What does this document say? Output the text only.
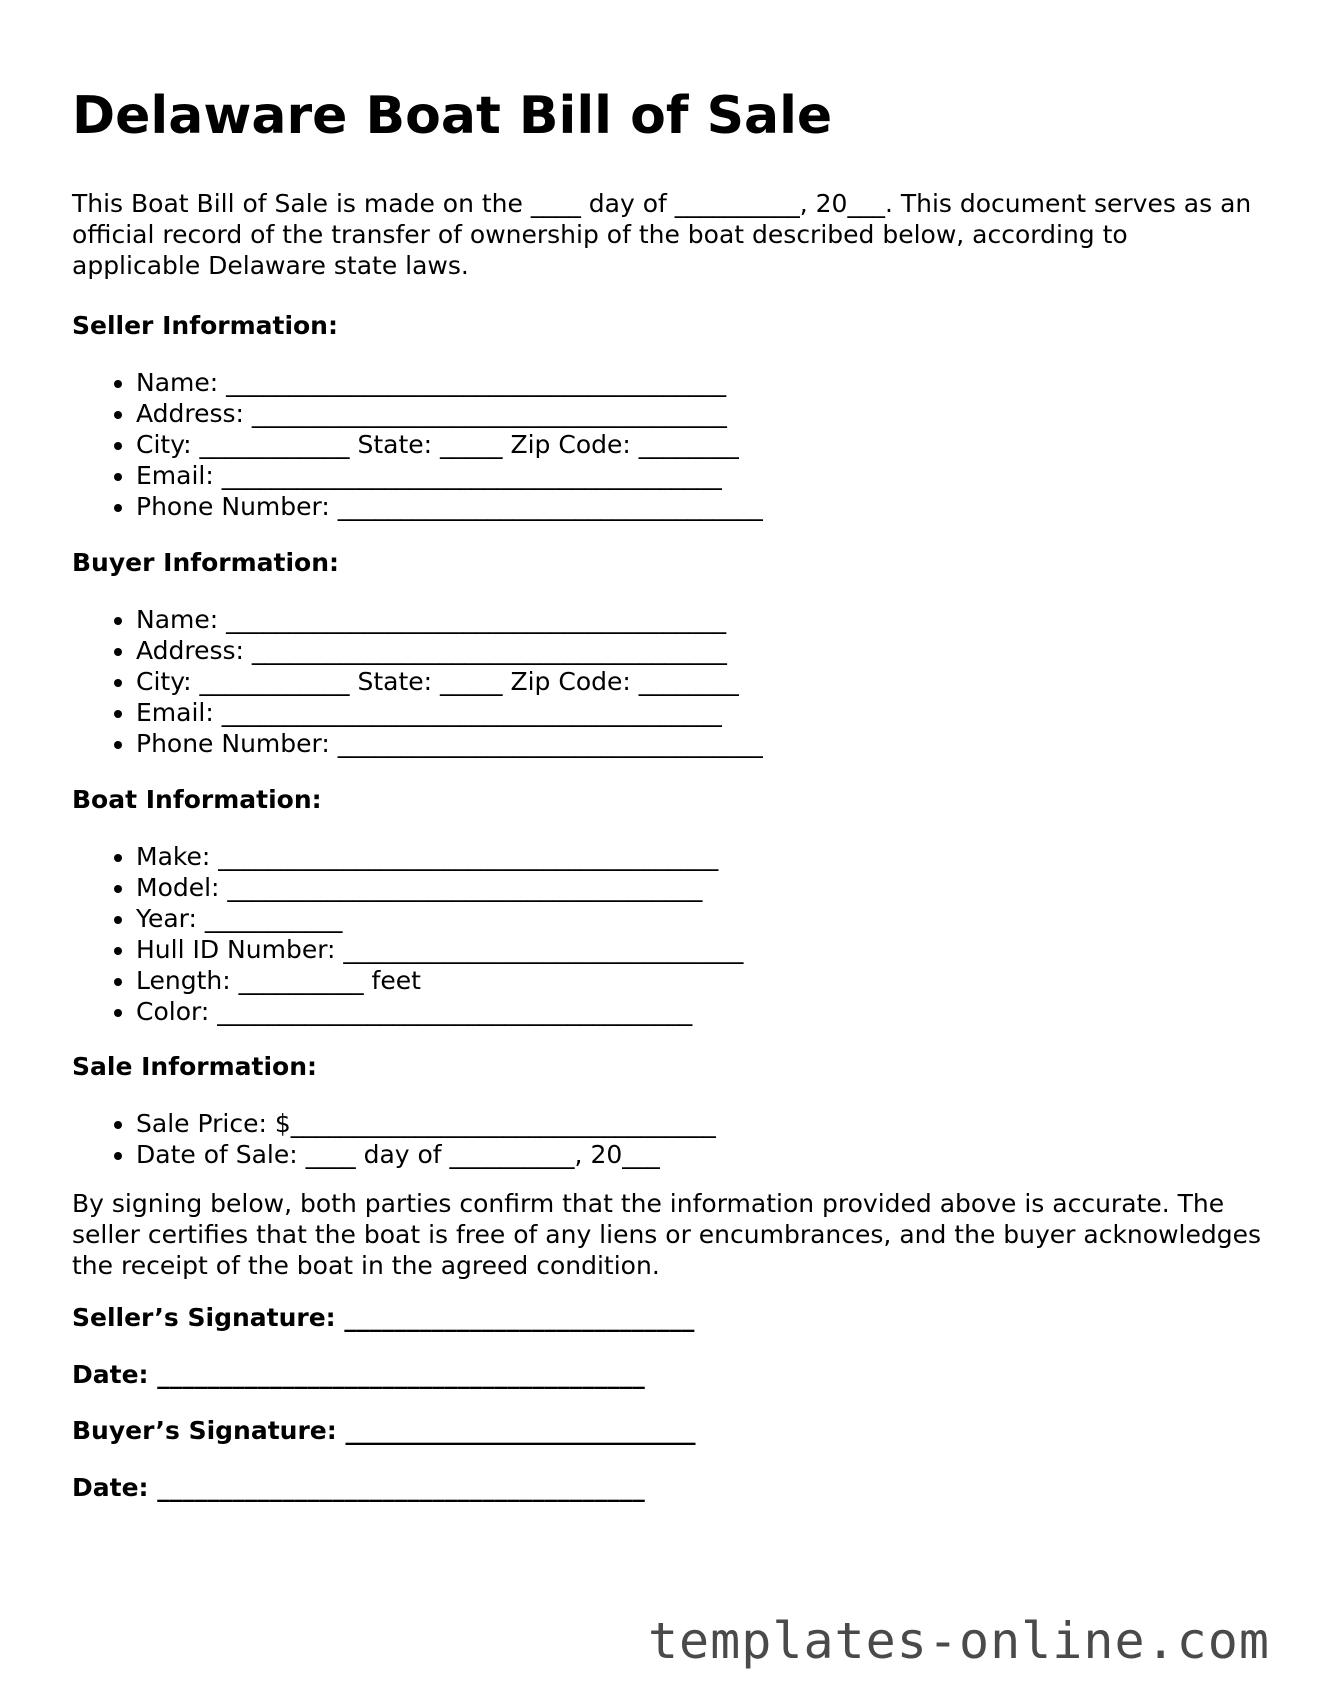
Delaware Boat Bill of Sale

This Boat Bill of Sale is made on the ____ day of __________, 20___. This document serves as an official record of the transfer of ownership of the boat described below, according to applicable Delaware state laws.

Seller Information:
• Name: ________________________________________
• Address: ______________________________________
• City: ____________ State: _____ Zip Code: ________
• Email: ________________________________________
• Phone Number: __________________________________
Buyer Information:
• Name: ________________________________________
• Address: ______________________________________
• City: ____________ State: _____ Zip Code: ________
• Email: ________________________________________
• Phone Number: __________________________________
Boat Information:
• Make: ________________________________________
• Model: ______________________________________
• Year: ___________
• Hull ID Number: ________________________________
• Length: __________ feet
• Color: ______________________________________
Sale Information:
• Sale Price: $__________________________________
• Date of Sale: ____ day of __________, 20___

By signing below, both parties confirm that the information provided above is accurate. The seller certifies that the boat is free of any liens or encumbrances, and the buyer acknowledges the receipt of the boat in the agreed condition.

Seller’s Signature: ____________________________

Date: _______________________________________

Buyer’s Signature: ____________________________

Date: _______________________________________

templates-online.com
